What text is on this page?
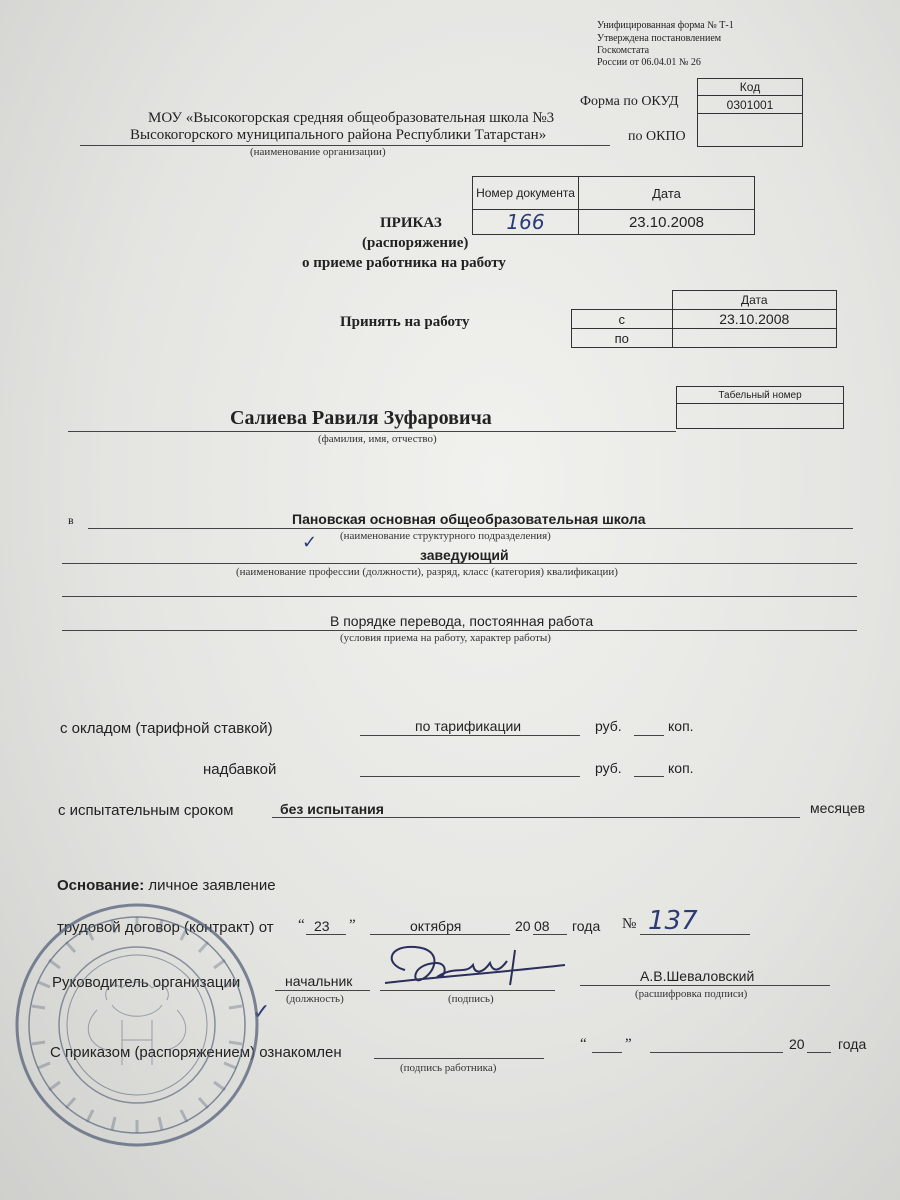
Унифицированная форма № Т-1
Утверждена постановлением
Госкомстата
России от 06.04.01 № 26
Код
0301001

Форма по ОКУД
по ОКПО
МОУ «Высокогорская средняя общеобразовательная школа №3
Высокогорского муниципального района Республики Татарстан»
(наименование организации)
Номер документа	Дата
166	23.10.2008
ПРИКАЗ
(распоряжение)
о приеме работника на работу
Принять на работу
	Дата
с	23.10.2008
по	
Табельный номер

Салиева Равиля Зуфаровича
(фамилия, имя, отчество)
в	Пановская основная общеобразовательная школа
(наименование структурного подразделения)
заведующий
(наименование профессии (должности), разряд, класс (категория) квалификации)
В порядке перевода, постоянная работа
(условия приема на работу, характер работы)
с окладом (тарифной ставкой)	по тарификации	руб.	коп.
надбавкой	руб.	коп.
с испытательным сроком	без испытания	месяцев
Основание: личное заявление
трудовой договор (контракт) от “ 23 ”	октября	20 08 года № 137
Руководитель организации	начальник
(должность)	(подпись)
А.В.Шеваловский
(расшифровка подписи)
С приказом (распоряжением) ознакомлен
(подпись работника)
“	”	20 года
✓
✓
